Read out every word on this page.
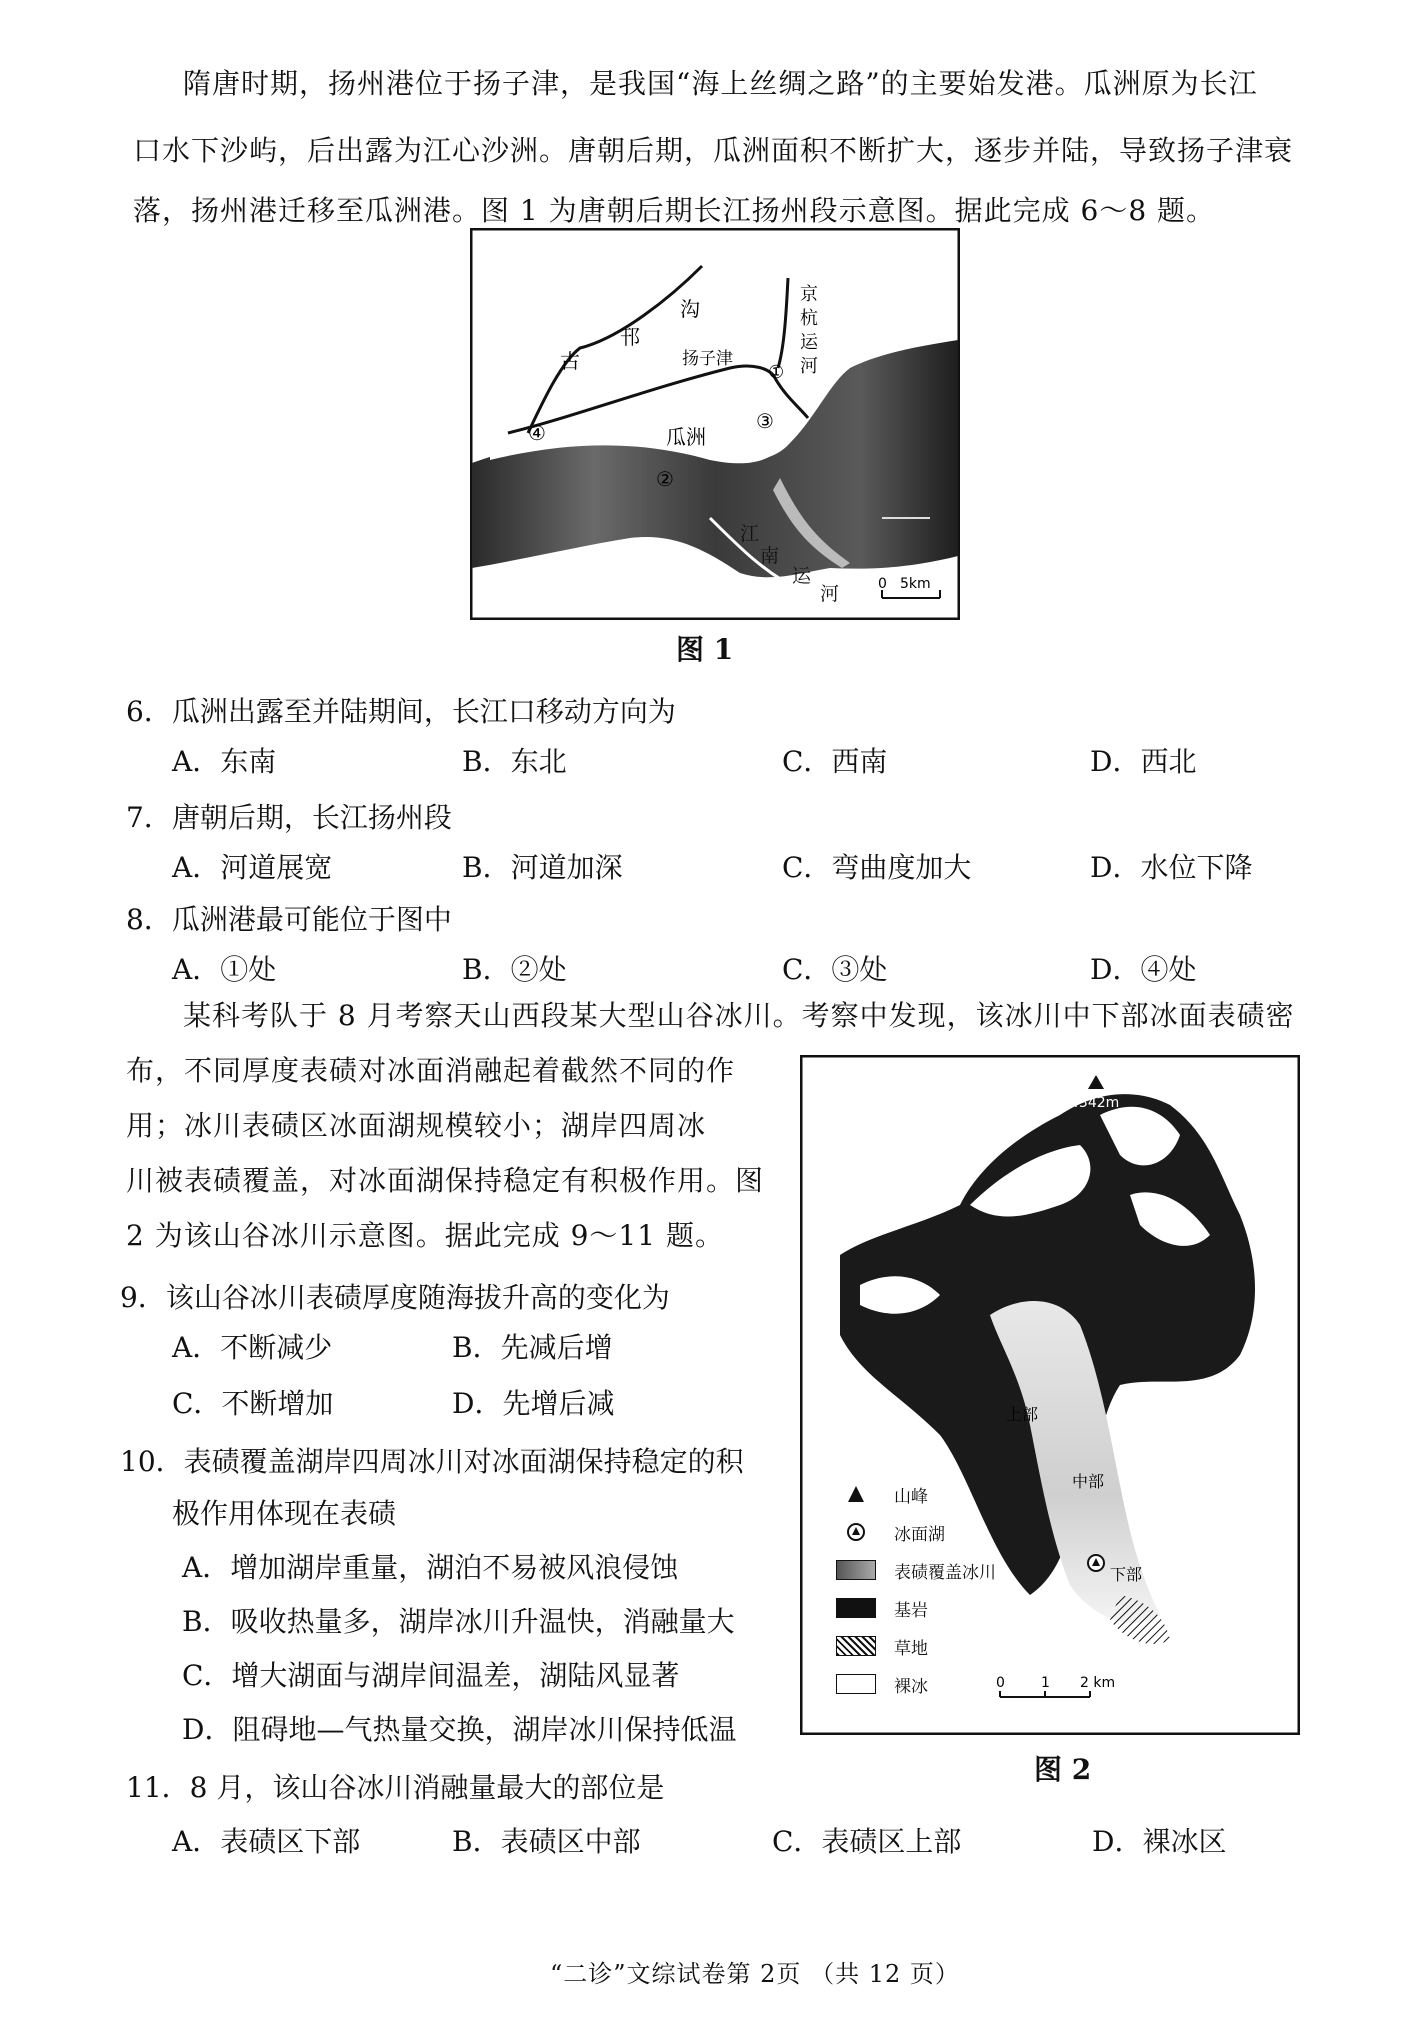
隋唐时期，扬州港位于扬子津，是我国“海上丝绸之路”的主要始发港。瓜洲原为长江
口水下沙屿，后出露为江心沙洲。唐朝后期，瓜洲面积不断扩大，逐步并陆，导致扬子津衰
落，扬州港迁移至瓜洲港。图 1 为唐朝后期长江扬州段示意图。据此完成 6～8 题。
沟
邗
古
京
杭
运
河
扬子津
瓜洲
江
南
运
河
①
②
③
④
0 5km
图 1
6．瓜洲出露至并陆期间，长江口移动方向为
A．东南	B．东北	C．西南	D．西北
7．唐朝后期，长江扬州段
A．河道展宽	B．河道加深	C．弯曲度加大	D．水位下降
8．瓜洲港最可能位于图中
A．①处	B．②处	C．③处	D．④处
某科考队于 8 月考察天山西段某大型山谷冰川。考察中发现，该冰川中下部冰面表碛密
布，不同厚度表碛对冰面消融起着截然不同的作
用；冰川表碛区冰面湖规模较小；湖岸四周冰
川被表碛覆盖，对冰面湖保持稳定有积极作用。图
2 为该山谷冰川示意图。据此完成 9～11 题。
9．该山谷冰川表碛厚度随海拔升高的变化为
A．不断减少	B．先减后增
C．不断增加	D．先增后减
10．表碛覆盖湖岸四周冰川对冰面湖保持稳定的积
极作用体现在表碛
A．增加湖岸重量，湖泊不易被风浪侵蚀
B．吸收热量多，湖岸冰川升温快，消融量大
C．增大湖面与湖岸间温差，湖陆风显著
D．阻碍地—气热量交换，湖岸冰川保持低温
11．8 月，该山谷冰川消融量最大的部位是
A．表碛区下部	B．表碛区中部	C．表碛区上部	D．裸冰区
4342m
上部
中部
下部
0	1 2 km
山峰
冰面湖
表碛覆盖冰川
基岩
草地
裸冰
图 2
“二诊”文综试卷第 2页 （共 12 页）
